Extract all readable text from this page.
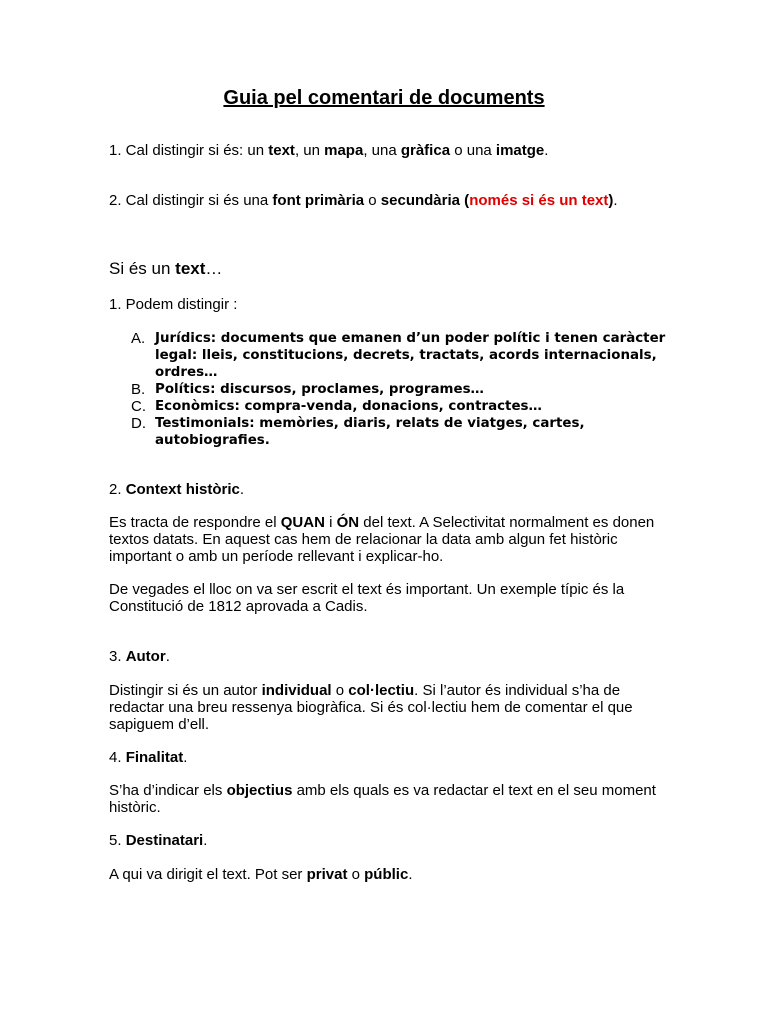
Guia pel comentari de documents
1. Cal distingir si és: un text, un mapa, una gràfica o una imatge.
2. Cal distingir si és una font primària o secundària (només si és un text).
Si és un text…
1. Podem distingir :
A. Jurídics: documents que emanen d’un poder polític i tenen caràcter legal: lleis, constitucions, decrets, tractats, acords internacionals, ordres…
B. Polítics: discursos, proclames, programes…
C. Econòmics: compra-venda, donacions, contractes…
D. Testimonials: memòries, diaris, relats de viatges, cartes, autobiografies.
2. Context històric.
Es tracta de respondre el QUAN i ÓN del text. A Selectivitat normalment es donen textos datats. En aquest cas hem de relacionar la data amb algun fet històric important o amb un període rellevant i explicar-ho.
De vegades el lloc on va ser escrit el text és important. Un exemple típic és la Constitució de 1812 aprovada a Cadis.
3. Autor.
Distingir si és un autor individual o col·lectiu. Si l’autor és individual s’ha de redactar una breu ressenya biogràfica. Si és col·lectiu hem de comentar el que sapiguem d’ell.
4. Finalitat.
S’ha d’indicar els objectius amb els quals es va redactar el text en el seu moment històric.
5. Destinatari.
A qui va dirigit el text. Pot ser privat o públic.
